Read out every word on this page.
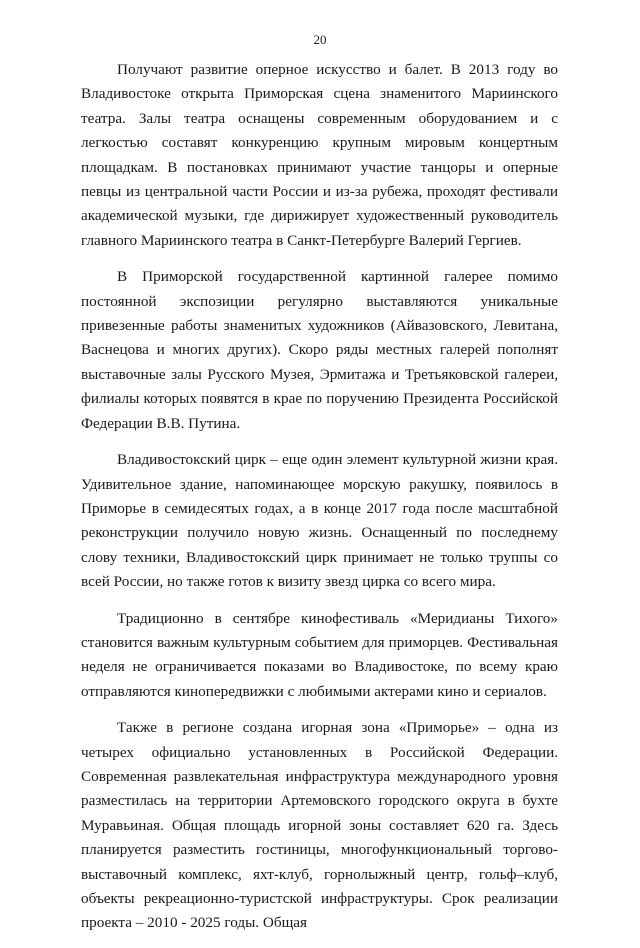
20

Получают развитие оперное искусство и балет. В 2013 году во Владивостоке открыта Приморская сцена знаменитого Мариинского театра. Залы театра оснащены современным оборудованием и с легкостью составят конкуренцию крупным мировым концертным площадкам. В постановках принимают участие танцоры и оперные певцы из центральной части России и из-за рубежа, проходят фестивали академической музыки, где дирижирует художественный руководитель главного Мариинского театра в Санкт-Петербурге Валерий Гергиев.

В Приморской государственной картинной галерее помимо постоянной экспозиции регулярно выставляются уникальные привезенные работы знаменитых художников (Айвазовского, Левитана, Васнецова и многих других). Скоро ряды местных галерей пополнят выставочные залы Русского Музея, Эрмитажа и Третьяковской галереи, филиалы которых появятся в крае по поручению Президента Российской Федерации В.В. Путина.

Владивостокский цирк – еще один элемент культурной жизни края. Удивительное здание, напоминающее морскую ракушку, появилось в Приморье в семидесятых годах, а в конце 2017 года после масштабной реконструкции получило новую жизнь. Оснащенный по последнему слову техники, Владивостокский цирк принимает не только труппы со всей России, но также готов к визиту звезд цирка со всего мира.

Традиционно в сентябре кинофестиваль «Меридианы Тихого» становится важным культурным событием для приморцев. Фестивальная неделя не ограничивается показами во Владивостоке, по всему краю отправляются кинопередвижки с любимыми актерами кино и сериалов.

Также в регионе создана игорная зона «Приморье» – одна из четырех официально установленных в Российской Федерации. Современная развлекательная инфраструктура международного уровня разместилась на территории Артемовского городского округа в бухте Муравьиная. Общая площадь игорной зоны составляет 620 га. Здесь планируется разместить гостиницы, многофункциональный торгово-выставочный комплекс, яхт-клуб, горнолыжный центр, гольф–клуб, объекты рекреационно-туристской инфраструктуры. Срок реализации проекта – 2010 - 2025 годы. Общая
